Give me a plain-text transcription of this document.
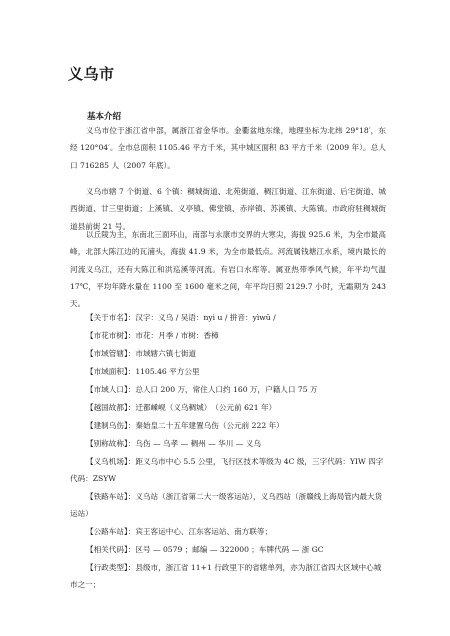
义乌市
基本介绍

义乌市位于浙江省中部，属浙江省金华市。金衢盆地东缘，地理坐标为北纬 29°18′，东经 120°04′。全市总面积 1105.46 平方千米，其中城区面积 83 平方千米（2009 年）。总人口 716285 人（2007 年底）。

义乌市辖 7 个街道、6 个镇：稠城街道、北苑街道、稠江街道、江东街道、后宅街道、城西街道、廿三里街道；上溪镇、义亭镇、佛堂镇、赤岸镇、苏溪镇、大陈镇。市政府驻稠城街道县前街 21 号。

以丘陵为主，东南北三面环山，南部与永康市交界的大寒尖，海拔 925.6 米，为全市最高峰，北部大陈江边的瓦浦头，海拔 41.9 米，为全市最低点。河流属钱塘江水系，境内最长的河流义乌江，还有大陈江和洪巡溪等河流。有岩口水库等。属亚热带季风气候，年平均气温 17℃，平均年降水量在 1100 至 1600 毫米之间，年平均日照 2129.7 小时，无霜期为 243 天。

【关于市名】：汉字：义乌 / 吴语：nyi u / 拼音：yìwū /

【市花市树】：市花：月季 / 市树：香樟

【市域管辖】：市域辖六镇七街道

【市域面积】：1105.46 平方公里

【市域人口】：总人口 200 万，常住人口约 160 万，户籍人口 75 万

【越国故都】：迁都嵊岘（义乌稠城）　（公元前 621 年）

【建制乌伤】：秦始皇二十五年建置乌伤（公元前 222 年）

【别称故称】：乌伤 — 乌孝 — 稠州 — 华川 — 义乌

【义乌机场】：距义乌市中心 5.5 公里，飞行区技术等级为 4C 级，三字代码：YIW 四字代码：ZSYW

【铁路车站】：义乌站（浙江省第二大一级客运站），义乌西站（浙赣线上海局管内最大货运站）

【公路车站】：宾王客运中心、江东客运站、南方联等；

【相关代码】：区号 — 0579 ；邮编 — 322000 ；车牌代码 — 浙 GC

【行政类型】：县级市，浙江省 11+1 行政里下的省辖单列，亦为浙江省四大区域中心城市之一；
